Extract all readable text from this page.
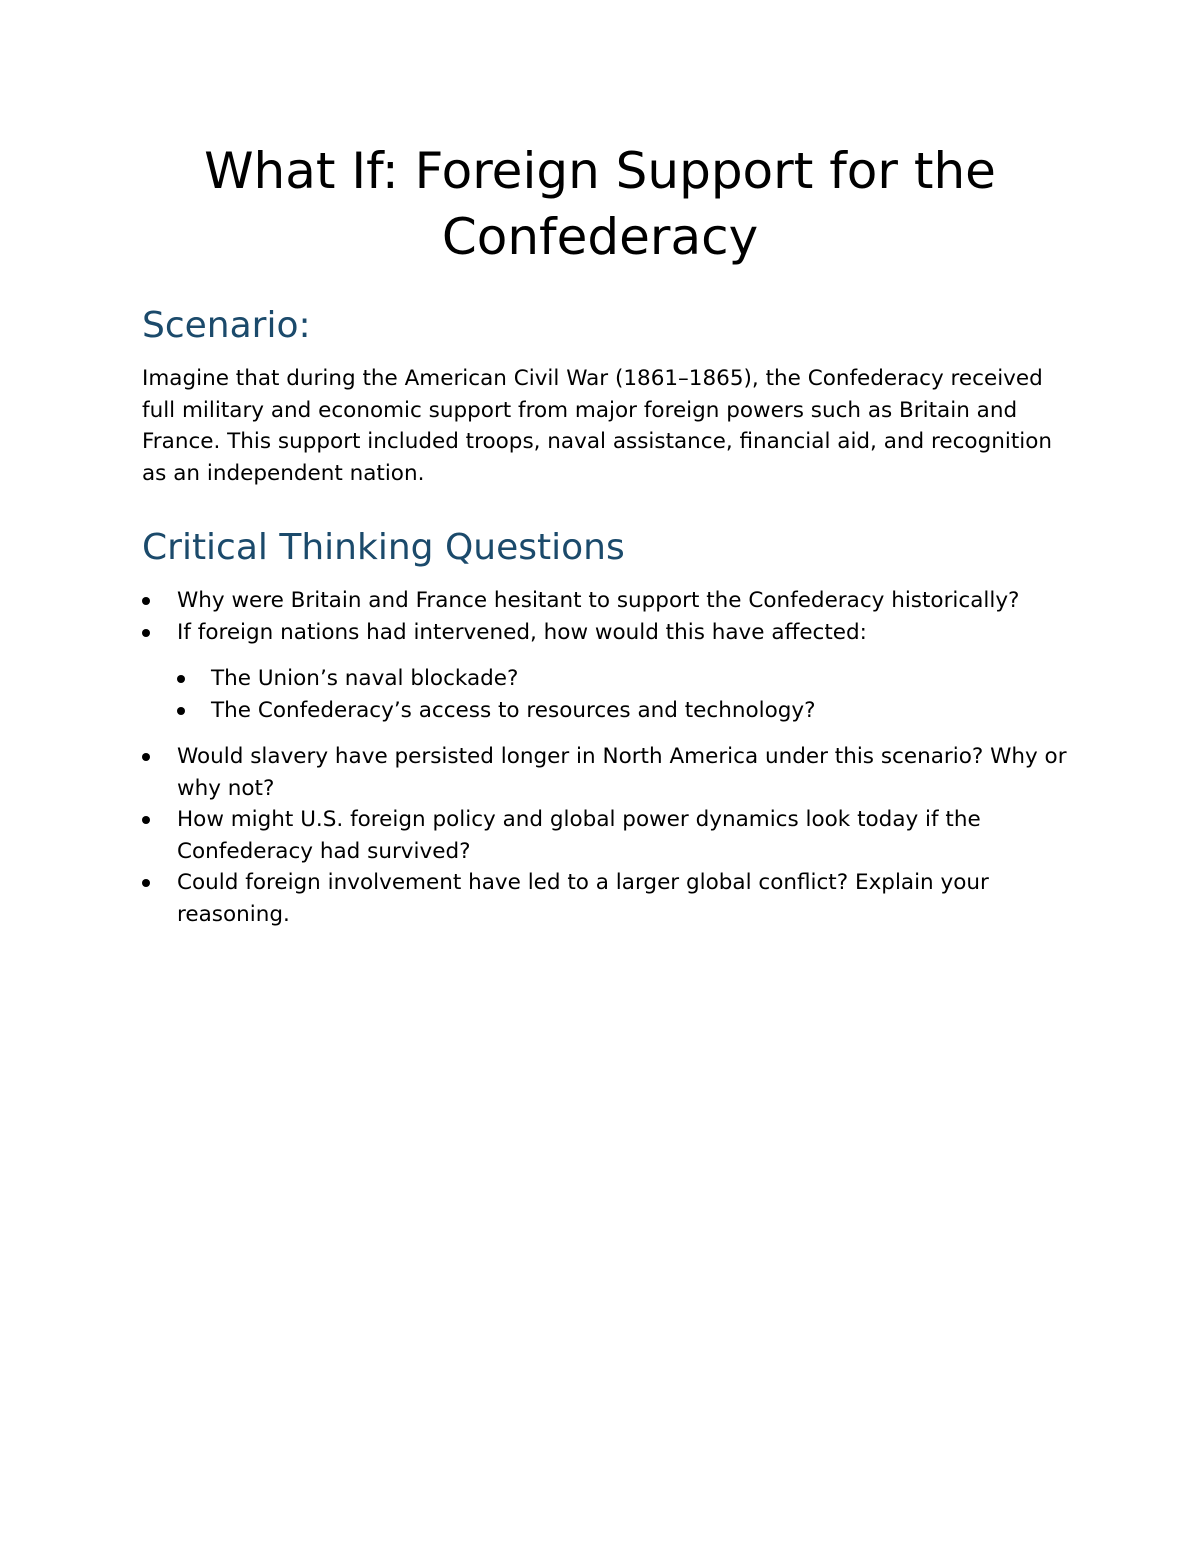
What If: Foreign Support for the Confederacy
Scenario:

Imagine that during the American Civil War (1861–1865), the Confederacy received full military and economic support from major foreign powers such as Britain and France. This support included troops, naval assistance, financial aid, and recognition as an independent nation.

Critical Thinking Questions
Why were Britain and France hesitant to support the Confederacy historically?
If foreign nations had intervened, how would this have affected:
The Union’s naval blockade?
The Confederacy’s access to resources and technology?
Would slavery have persisted longer in North America under this scenario? Why or why not?
How might U.S. foreign policy and global power dynamics look today if the Confederacy had survived?
Could foreign involvement have led to a larger global conflict? Explain your reasoning.
